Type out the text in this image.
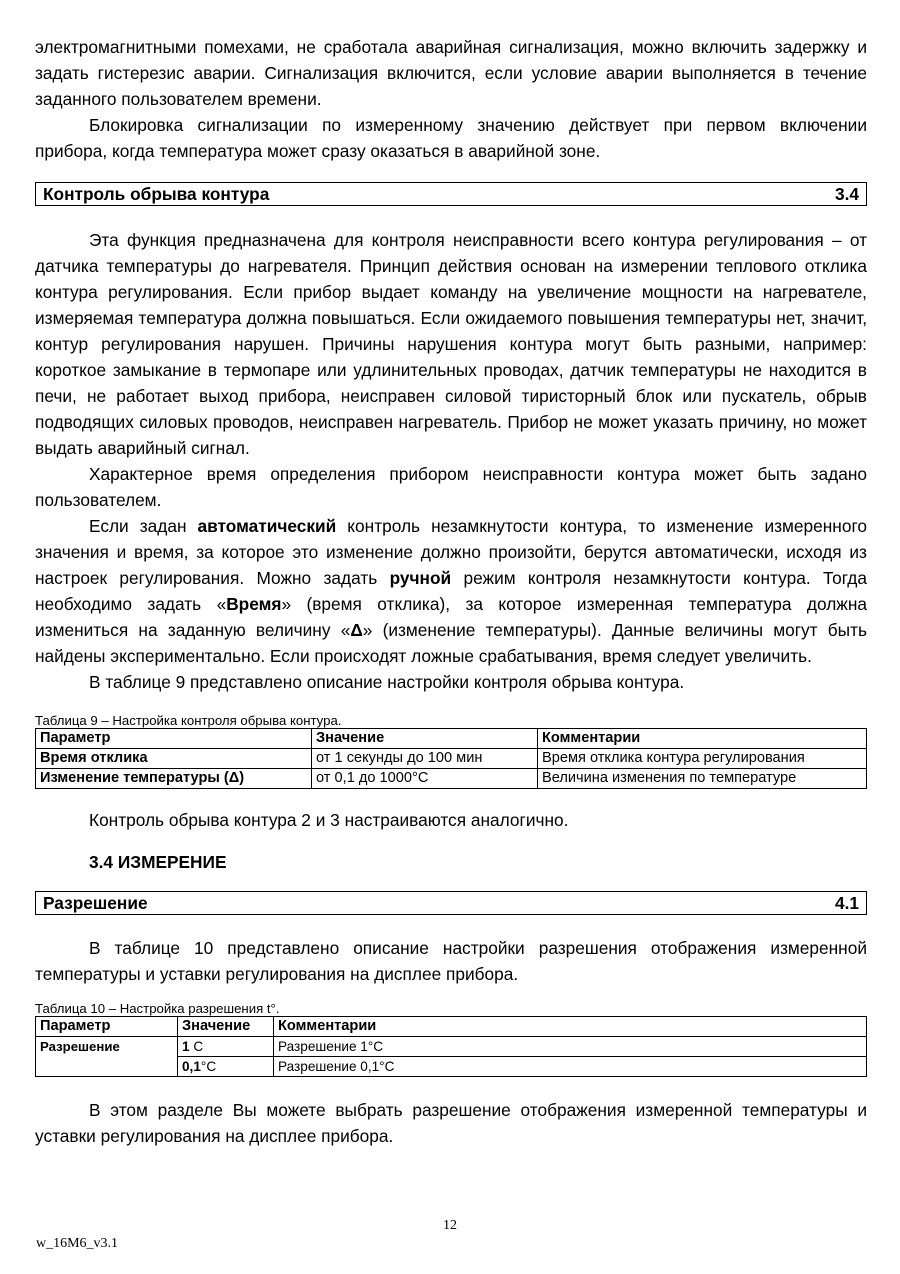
электромагнитными помехами, не сработала аварийная сигнализация, можно включить задержку и задать гистерезис аварии. Сигнализация включится, если условие аварии выполняется в течение заданного пользователем времени.

Блокировка сигнализации по измеренному значению действует при первом включении прибора, когда температура может сразу оказаться в аварийной зоне.

Контроль обрыва контура	3.4

Эта функция предназначена для контроля неисправности всего контура регулирования – от датчика температуры до нагревателя. Принцип действия основан на измерении теплового отклика контура регулирования. Если прибор выдает команду на увеличение мощности на нагревателе, измеряемая температура должна повышаться. Если ожидаемого повышения температуры нет, значит, контур регулирования нарушен. Причины нарушения контура могут быть разными, например: короткое замыкание в термопаре или удлинительных проводах, датчик температуры не находится в печи, не работает выход прибора, неисправен силовой тиристорный блок или пускатель, обрыв подводящих силовых проводов, неисправен нагреватель. Прибор не может указать причину, но может выдать аварийный сигнал.

Характерное время определения прибором неисправности контура может быть задано пользователем.

Если задан автоматический контроль незамкнутости контура, то изменение измеренного значения и время, за которое это изменение должно произойти, берутся автоматически, исходя из настроек регулирования. Можно задать ручной режим контроля незамкнутости контура. Тогда необходимо задать «Время» (время отклика), за которое измеренная температура должна измениться на заданную величину «Δ» (изменение температуры). Данные величины могут быть найдены экспериментально. Если происходят ложные срабатывания, время следует увеличить.

В таблице 9 представлено описание настройки контроля обрыва контура.

Таблица 9 – Настройка контроля обрыва контура.
Параметр	Значение	Комментарии
Время отклика	от 1 секунды до 100 мин	Время отклика контура регулирования
Изменение температуры (Δ)	от 0,1 до 1000°C	Величина изменения по температуре

Контроль обрыва контура 2 и 3 настраиваются аналогично.

3.4 ИЗМЕРЕНИЕ

Разрешение	4.1

В таблице 10 представлено описание настройки разрешения отображения измеренной температуры и уставки регулирования на дисплее прибора.

Таблица 10 – Настройка разрешения t°.
Параметр	Значение	Комментарии
Разрешение	1 C	Разрешение 1°C
	0,1°C	Разрешение 0,1°C

В этом разделе Вы можете выбрать разрешение отображения измеренной температуры и уставки регулирования на дисплее прибора.

12
w_16M6_v3.1
